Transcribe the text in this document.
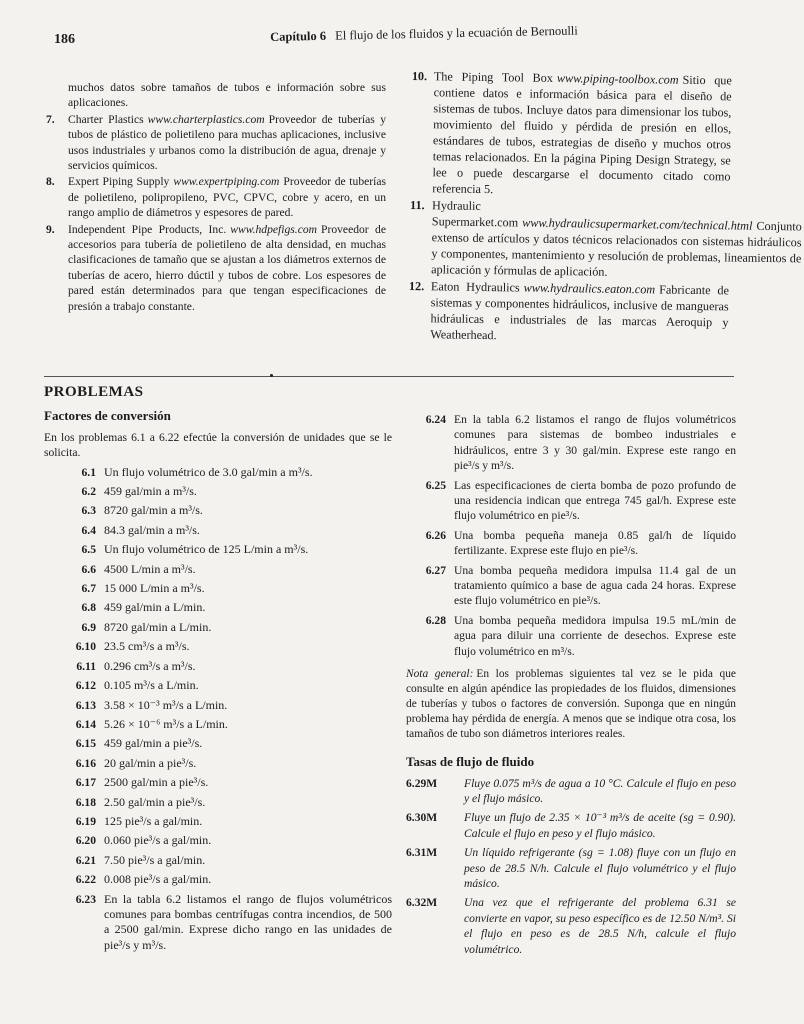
186	Capítulo 6 El flujo de los fluidos y la ecuación de Bernoulli
muchos datos sobre tamaños de tubos e información sobre sus aplicaciones.
7.	Charter Plastics www.charterplastics.com Proveedor de tuberías y tubos de plástico de polietileno para muchas aplicaciones, inclusive usos industriales y urbanos como la distribución de agua, drenaje y servicios químicos.
8.	Expert Piping Supply www.expertpiping.com Proveedor de tuberías de polietileno, polipropileno, PVC, CPVC, cobre y acero, en un rango amplio de diámetros y espesores de pared.
9.	Independent Pipe Products, Inc. www.hdpefigs.com Proveedor de accesorios para tubería de polietileno de alta densidad, en muchas clasificaciones de tamaño que se ajustan a los diámetros externos de tuberías de acero, hierro dúctil y tubos de cobre. Los espesores de pared están determinados para que tengan especificaciones de presión a trabajo constante.
10. The Piping Tool Box www.piping-toolbox.com Sitio que contiene datos e información básica para el diseño de sistemas de tubos. Incluye datos para dimensionar los tubos, movimiento del fluido y pérdida de presión en ellos, estándares de tubos, estrategias de diseño y muchos otros temas relacionados. En la página Piping Design Strategy, se lee o puede descargarse el documento citado como referencia 5.
11. Hydraulic Supermarket.com www.hydraulicsupermarket.com/technical.html Conjunto extenso de artículos y datos técnicos relacionados con sistemas hidráulicos y componentes, mantenimiento y resolución de problemas, lineamientos de aplicación y fórmulas de aplicación.
12. Eaton Hydraulics www.hydraulics.eaton.com Fabricante de sistemas y componentes hidráulicos, inclusive de mangueras hidráulicas e industriales de las marcas Aeroquip y Weatherhead.
PROBLEMAS
Factores de conversión
En los problemas 6.1 a 6.22 efectúe la conversión de unidades que se le solicita.
6.1 Un flujo volumétrico de 3.0 gal/min a m³/s.
6.2 459 gal/min a m³/s.
6.3 8720 gal/min a m³/s.
6.4 84.3 gal/min a m³/s.
6.5 Un flujo volumétrico de 125 L/min a m³/s.
6.6 4500 L/min a m³/s.
6.7 15 000 L/min a m³/s.
6.8 459 gal/min a L/min.
6.9 8720 gal/min a L/min.
6.10 23.5 cm³/s a m³/s.
6.11 0.296 cm³/s a m³/s.
6.12 0.105 m³/s a L/min.
6.13 3.58 × 10⁻³ m³/s a L/min.
6.14 5.26 × 10⁻⁶ m³/s a L/min.
6.15 459 gal/min a pie³/s.
6.16 20 gal/min a pie³/s.
6.17 2500 gal/min a pie³/s.
6.18 2.50 gal/min a pie³/s.
6.19 125 pie³/s a gal/min.
6.20 0.060 pie³/s a gal/min.
6.21 7.50 pie³/s a gal/min.
6.22 0.008 pie³/s a gal/min.
6.23 En la tabla 6.2 listamos el rango de flujos volumétricos comunes para bombas centrífugas contra incendios, de 500 a 2500 gal/min. Exprese dicho rango en las unidades de pie³/s y m³/s.
6.24 En la tabla 6.2 listamos el rango de flujos volumétricos comunes para sistemas de bombeo industriales e hidráulicos, entre 3 y 30 gal/min. Exprese este rango en pie³/s y m³/s.
6.25 Las especificaciones de cierta bomba de pozo profundo de una residencia indican que entrega 745 gal/h. Exprese este flujo volumétrico en pie³/s.
6.26 Una bomba pequeña maneja 0.85 gal/h de líquido fertilizante. Exprese este flujo en pie³/s.
6.27 Una bomba pequeña medidora impulsa 11.4 gal de un tratamiento químico a base de agua cada 24 horas. Exprese este flujo volumétrico en pie³/s.
6.28 Una bomba pequeña medidora impulsa 19.5 mL/min de agua para diluir una corriente de desechos. Exprese este flujo volumétrico en m³/s.
Nota general: En los problemas siguientes tal vez se le pida que consulte en algún apéndice las propiedades de los fluidos, dimensiones de tuberías y tubos o factores de conversión. Suponga que en ningún problema hay pérdida de energía. A menos que se indique otra cosa, los tamaños de tubo son diámetros interiores reales.
Tasas de flujo de fluido
6.29M	Fluye 0.075 m³/s de agua a 10 °C. Calcule el flujo en peso y el flujo másico.
6.30M	Fluye un flujo de 2.35 × 10⁻³ m³/s de aceite (sg = 0.90). Calcule el flujo en peso y el flujo másico.
6.31M	Un líquido refrigerante (sg = 1.08) fluye con un flujo en peso de 28.5 N/h. Calcule el flujo volumétrico y el flujo másico.
6.32M	Una vez que el refrigerante del problema 6.31 se convierte en vapor, su peso específico es de 12.50 N/m³. Si el flujo en peso es de 28.5 N/h, calcule el flujo volumétrico.
